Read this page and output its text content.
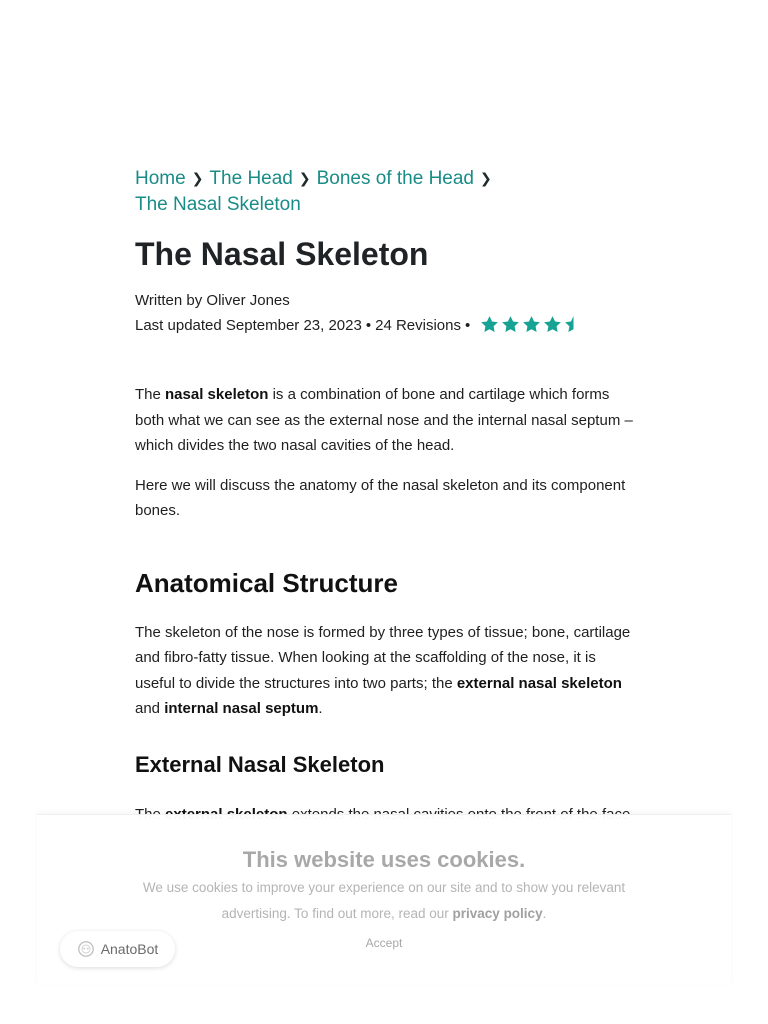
Home ❯ The Head ❯ Bones of the Head ❯
The Nasal Skeleton
The Nasal Skeleton
Written by Oliver Jones
Last updated September 23, 2023 • 24 Revisions •

The nasal skeleton is a combination of bone and cartilage which forms both what we can see as the external nose and the internal nasal septum – which divides the two nasal cavities of the head.

Here we will discuss the anatomy of the nasal skeleton and its component bones.

Anatomical Structure

The skeleton of the nose is formed by three types of tissue; bone, cartilage and fibro-fatty tissue. When looking at the scaffolding of the nose, it is useful to divide the structures into two parts; the external nasal skeleton and internal nasal septum.

External Nasal Skeleton

This website uses cookies.
We use cookies to improve your experience on our site and to show you relevant advertising. To find out more, read our privacy policy.
Accept
AnatoBot
